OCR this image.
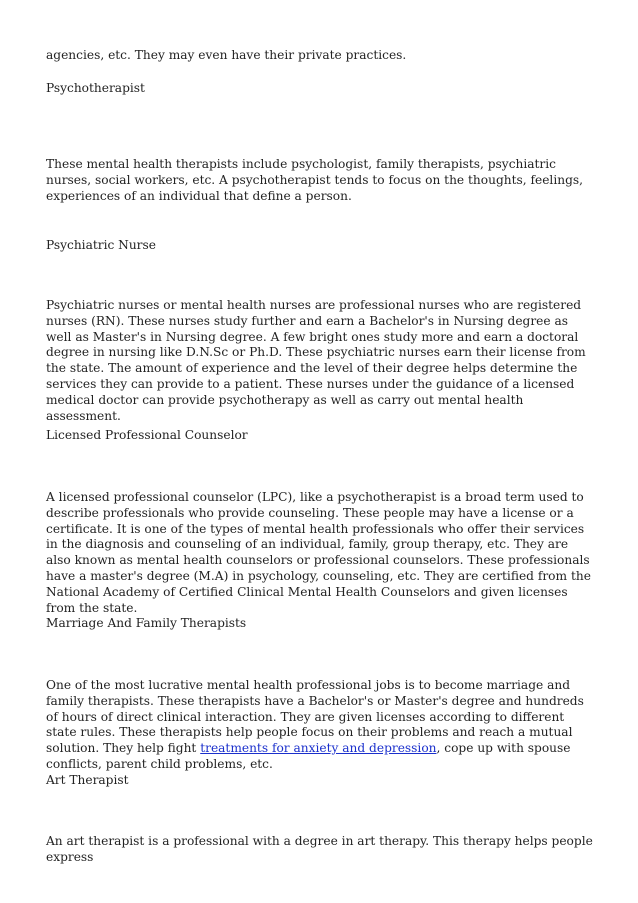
agencies, etc. They may even have their private practices.

Psychotherapist

These mental health therapists include psychologist, family therapists, psychiatric nurses, social workers, etc. A psychotherapist tends to focus on the thoughts, feelings, experiences of an individual that define a person.

Psychiatric Nurse

Psychiatric nurses or mental health nurses are professional nurses who are registered nurses (RN). These nurses study further and earn a Bachelor's in Nursing degree as well as Master's in Nursing degree. A few bright ones study more and earn a doctoral degree in nursing like D.N.Sc or Ph.D. These psychiatric nurses earn their license from the state. The amount of experience and the level of their degree helps determine the services they can provide to a patient. These nurses under the guidance of a licensed medical doctor can provide psychotherapy as well as carry out mental health assessment.

Licensed Professional Counselor

A licensed professional counselor (LPC), like a psychotherapist is a broad term used to describe professionals who provide counseling. These people may have a license or a certificate. It is one of the types of mental health professionals who offer their services in the diagnosis and counseling of an individual, family, group therapy, etc. They are also known as mental health counselors or professional counselors. These professionals have a master's degree (M.A) in psychology, counseling, etc. They are certified from the National Academy of Certified Clinical Mental Health Counselors and given licenses from the state.

Marriage And Family Therapists

One of the most lucrative mental health professional jobs is to become marriage and family therapists. These therapists have a Bachelor's or Master's degree and hundreds of hours of direct clinical interaction. They are given licenses according to different state rules. These therapists help people focus on their problems and reach a mutual solution. They help fight treatments for anxiety and depression, cope up with spouse conflicts, parent child problems, etc.

Art Therapist

An art therapist is a professional with a degree in art therapy. This therapy helps people express
